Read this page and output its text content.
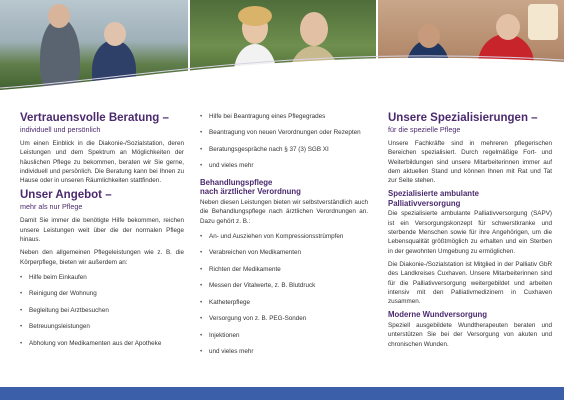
Vertrauensvolle Beratung –
individuell und persönlich

Um einen Einblick in die Diakonie-/Sozialstation, deren Leistungen und dem Spektrum an Möglichkeiten der häuslichen Pflege zu bekommen, beraten wir Sie gerne, individuell und persönlich. Die Beratung kann bei Ihnen zu Hause oder in unseren Räumlichkeiten stattfinden.

Unser Angebot –
mehr als nur Pflege

Damit Sie immer die benötigte Hilfe bekommen, reichen unsere Leistungen weit über die der normalen Pflege hinaus.

Neben den allgemeinen Pflegeleistungen wie z. B. die Körperpflege, bieten wir außerdem an:

• Hilfe beim Einkaufen
• Reinigung der Wohnung
• Begleitung bei Arztbesuchen
• Betreuungsleistungen
• Abholung von Medikamenten aus der Apotheke
• Hilfe bei Beantragung eines Pflegegrades
• Beantragung von neuen Verordnungen oder Rezepten
• Beratungsgespräche nach § 37 (3) SGB XI
• und vieles mehr
Behandlungspflege
nach ärztlicher Verordnung

Neben diesen Leistungen bieten wir selbstverständlich auch die Behandlungspflege nach ärztlichen Verordnungen an. Dazu gehört z. B.:

• An- und Ausziehen von Kompressionsstrümpfen
• Verabreichen von Medikamenten
• Richten der Medikamente
• Messen der Vitalwerte, z. B. Blutdruck
• Katheterpflege
• Versorgung von z. B. PEG-Sonden
• Injektionen
• und vieles mehr
Unsere Spezialisierungen –
für die spezielle Pflege

Unsere Fachkräfte sind in mehreren pflegerischen Bereichen spezialisiert. Durch regelmäßige Fort- und Weiterbildungen sind unsere Mitarbeiterinnen immer auf dem aktuellen Stand und können Ihnen mit Rat und Tat zur Seite stehen.

Spezialisierte ambulante Palliativversorgung

Die spezialisierte ambulante Palliativversorgung (SAPV) ist ein Versorgungskonzept für schwerstkranke und sterbende Menschen sowie für ihre Angehörigen, um die Lebensqualität größtmöglich zu erhalten und ein Sterben in der gewohnten Umgebung zu ermöglichen.

Die Diakonie-/Sozialstation ist Mitglied in der Palliativ GbR des Landkreises Cuxhaven. Unsere Mitarbeiterinnen sind für die Palliativversorgung weitergebildet und arbeiten intensiv mit den Palliativmedizinern in Cuxhaven zusammen.

Moderne Wundversorgung

Speziell ausgebildete Wundtherapeuten beraten und unterstützen Sie bei der Versorgung von akuten und chronischen Wunden.
